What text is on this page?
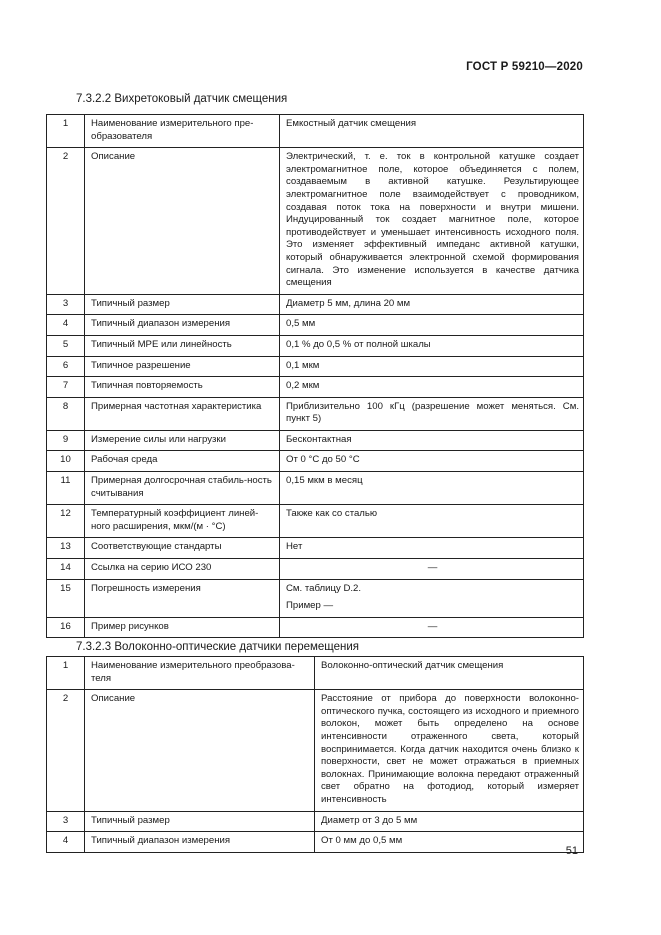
ГОСТ Р 59210—2020
7.3.2.2 Вихретоковый датчик смещения
1	Наименование измерительного пре-образователя	Емкостный датчик смещения
2	Описание	Электрический, т. е. ток в контрольной катушке создает электромагнитное поле, которое объединяется с полем, создаваемым в активной катушке. Результирующее электромагнитное поле взаимодействует с проводником, создавая поток тока на поверхности и внутри мишени. Индуцированный ток создает магнитное поле, которое противодействует и уменьшает интенсивность исходного поля. Это изменяет эффективный импеданс активной катушки, который обнаруживается электронной схемой формирования сигнала. Это изменение используется в качестве датчика смещения
3	Типичный размер	Диаметр 5 мм, длина 20 мм
4	Типичный диапазон измерения	0,5 мм
5	Типичный MPE или линейность	0,1 % до 0,5 % от полной шкалы
6	Типичное разрешение	0,1 мкм
7	Типичная повторяемость	0,2 мкм
8	Примерная частотная характеристика	Приблизительно 100 кГц (разрешение может меняться. См. пункт 5)
9	Измерение силы или нагрузки	Бесконтактная
10	Рабочая среда	От 0 °С до 50 °С
11	Примерная долгосрочная стабиль-ность считывания	0,15 мкм в месяц
12	Температурный коэффициент линей-ного расширения, мкм/(м · °С)	Также как со сталью
13	Соответствующие стандарты	Нет
14	Ссылка на серию ИСО 230	—
15	Погрешность измерения	См. таблицу D.2.
Пример —

16	Пример рисунков	—
7.3.2.3 Волоконно-оптические датчики перемещения
1	Наименование измерительного преобразова-теля	Волоконно-оптический датчик смещения
2	Описание	Расстояние от прибора до поверхности волоконно-оптического пучка, состоящего из исходного и приемного волокон, может быть определено на основе интенсивности отраженного света, который воспринимается. Когда датчик находится очень близко к поверхности, свет не может отражаться в приемных волокнах. Принимающие волокна передают отраженный свет обратно на фотодиод, который измеряет интенсивность
3	Типичный размер	Диаметр от 3 до 5 мм
4	Типичный диапазон измерения	От 0 мм до 0,5 мм
51
